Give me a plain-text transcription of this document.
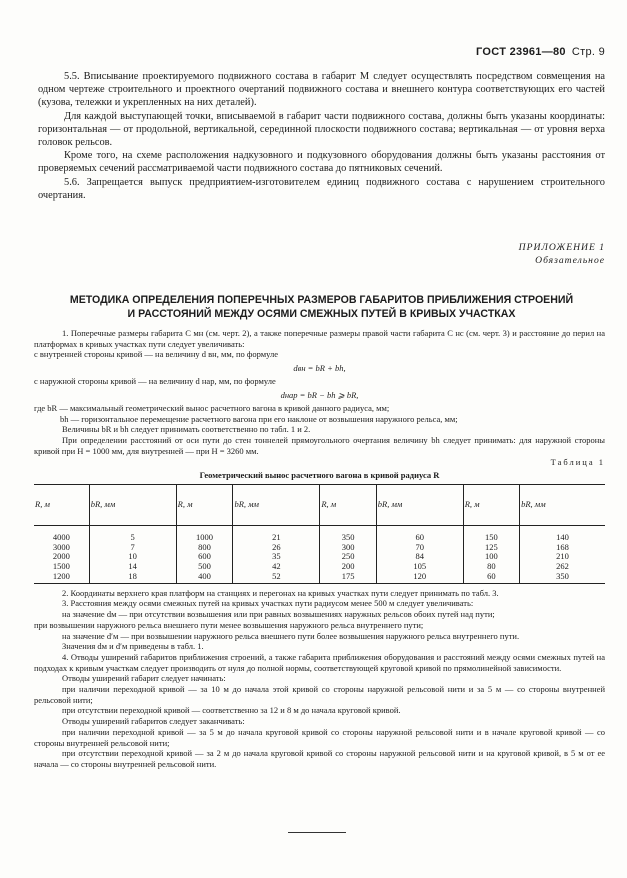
ГОСТ 23961—80 Стр. 9

5.5. Вписывание проектируемого подвижного состава в габарит М следует осуществлять посредством совмещения на одном чертеже строительного и проектного очертаний подвижного состава и внешнего контура соответствующих его частей (кузова, тележки и укрепленных на них деталей).

Для каждой выступающей точки, вписываемой в габарит части подвижного состава, должны быть указаны координаты: горизонтальная — от продольной, вертикальной, серединной плоскости подвижного состава; вертикальная — от уровня верха головок рельсов.

Кроме того, на схеме расположения надкузовного и подкузовного оборудования должны быть указаны расстояния от проверяемых сечений рассматриваемой части подвижного состава до пятниковых сечений.

5.6. Запрещается выпуск предприятием-изготовителем единиц подвижного состава с нарушением строительного очертания.

ПРИЛОЖЕНИЕ 1
Обязательное
МЕТОДИКА ОПРЕДЕЛЕНИЯ ПОПЕРЕЧНЫХ РАЗМЕРОВ ГАБАРИТОВ ПРИБЛИЖЕНИЯ СТРОЕНИЙ
И РАССТОЯНИЙ МЕЖДУ ОСЯМИ СМЕЖНЫХ ПУТЕЙ В КРИВЫХ УЧАСТКАХ

1. Поперечные размеры габарита С мн (см. черт. 2), а также поперечные размеры правой части габарита С нс (см. черт. 3) и расстояние до перил на платформах в кривых участках пути следует увеличивать:

с внутренней стороны кривой — на величину d вн, мм, по формуле

dвн = bR + bh,

с наружной стороны кривой — на величину d нар, мм, по формуле

dнар = bR − bh ⩾ bR,

где bR — максимальный геометрический вынос расчетного вагона в кривой данного радиуса, мм;

bh — горизонтальное перемещение расчетного вагона при его наклоне от возвышения наружного рельса, мм;

Величины bR и bh следует принимать соответственно по табл. 1 и 2.

При определении расстояний от оси пути до стен тоннелей прямоугольного очертания величину bh следует принимать: для наружной стороны кривой при H = 1000 мм, для внутренней — при H = 3260 мм.

Таблица 1
Геометрический вынос расчетного вагона в кривой радиуса R
R, м	bR, мм	R, м	bR, мм	R, м	bR, мм	R, м	bR, мм
4000	5	1000	21	350	60	150	140
3000	7	800	26	300	70	125	168
2000	10	600	35	250	84	100	210
1500	14	500	42	200	105	80	262
1200	18	400	52	175	120	60	350

2. Координаты верхнего края платформ на станциях и перегонах на кривых участках пути следует принимать по табл. 3.

3. Расстояния между осями смежных путей на кривых участках пути радиусом менее 500 м следует увеличивать:

на значение dм — при отсутствии возвышения или при равных возвышениях наружных рельсов обоих путей над пути;

при возвышении наружного рельса внешнего пути менее возвышения наружного рельса внутреннего пути;

на значение d′м — при возвышении наружного рельса внешнего пути более возвышения наружного рельса внутреннего пути.

Значения dм и d′м приведены в табл. 1.

4. Отводы уширений габаритов приближения строений, а также габарита приближения оборудования и расстояний между осями смежных путей на подходах к кривым участкам следует производить от нуля до полной нормы, соответствующей круговой кривой по прямолинейной зависимости.

Отводы уширений габарит следует начинать:

при наличии переходной кривой — за 10 м до начала этой кривой со стороны наружной рельсовой нити и за 5 м — со стороны внутренней рельсовой нити;

при отсутствии переходной кривой — соответственно за 12 и 8 м до начала круговой кривой.

Отводы уширений габаритов следует заканчивать:

при наличии переходной кривой — за 5 м до начала круговой кривой со стороны наружной рельсовой нити и в начале круговой кривой — со стороны внутренней рельсовой нити;

при отсутствии переходной кривой — за 2 м до начала круговой кривой со стороны наружной рельсовой нити и на круговой кривой, в 5 м от ее начала — со стороны внутренней рельсовой нити.
